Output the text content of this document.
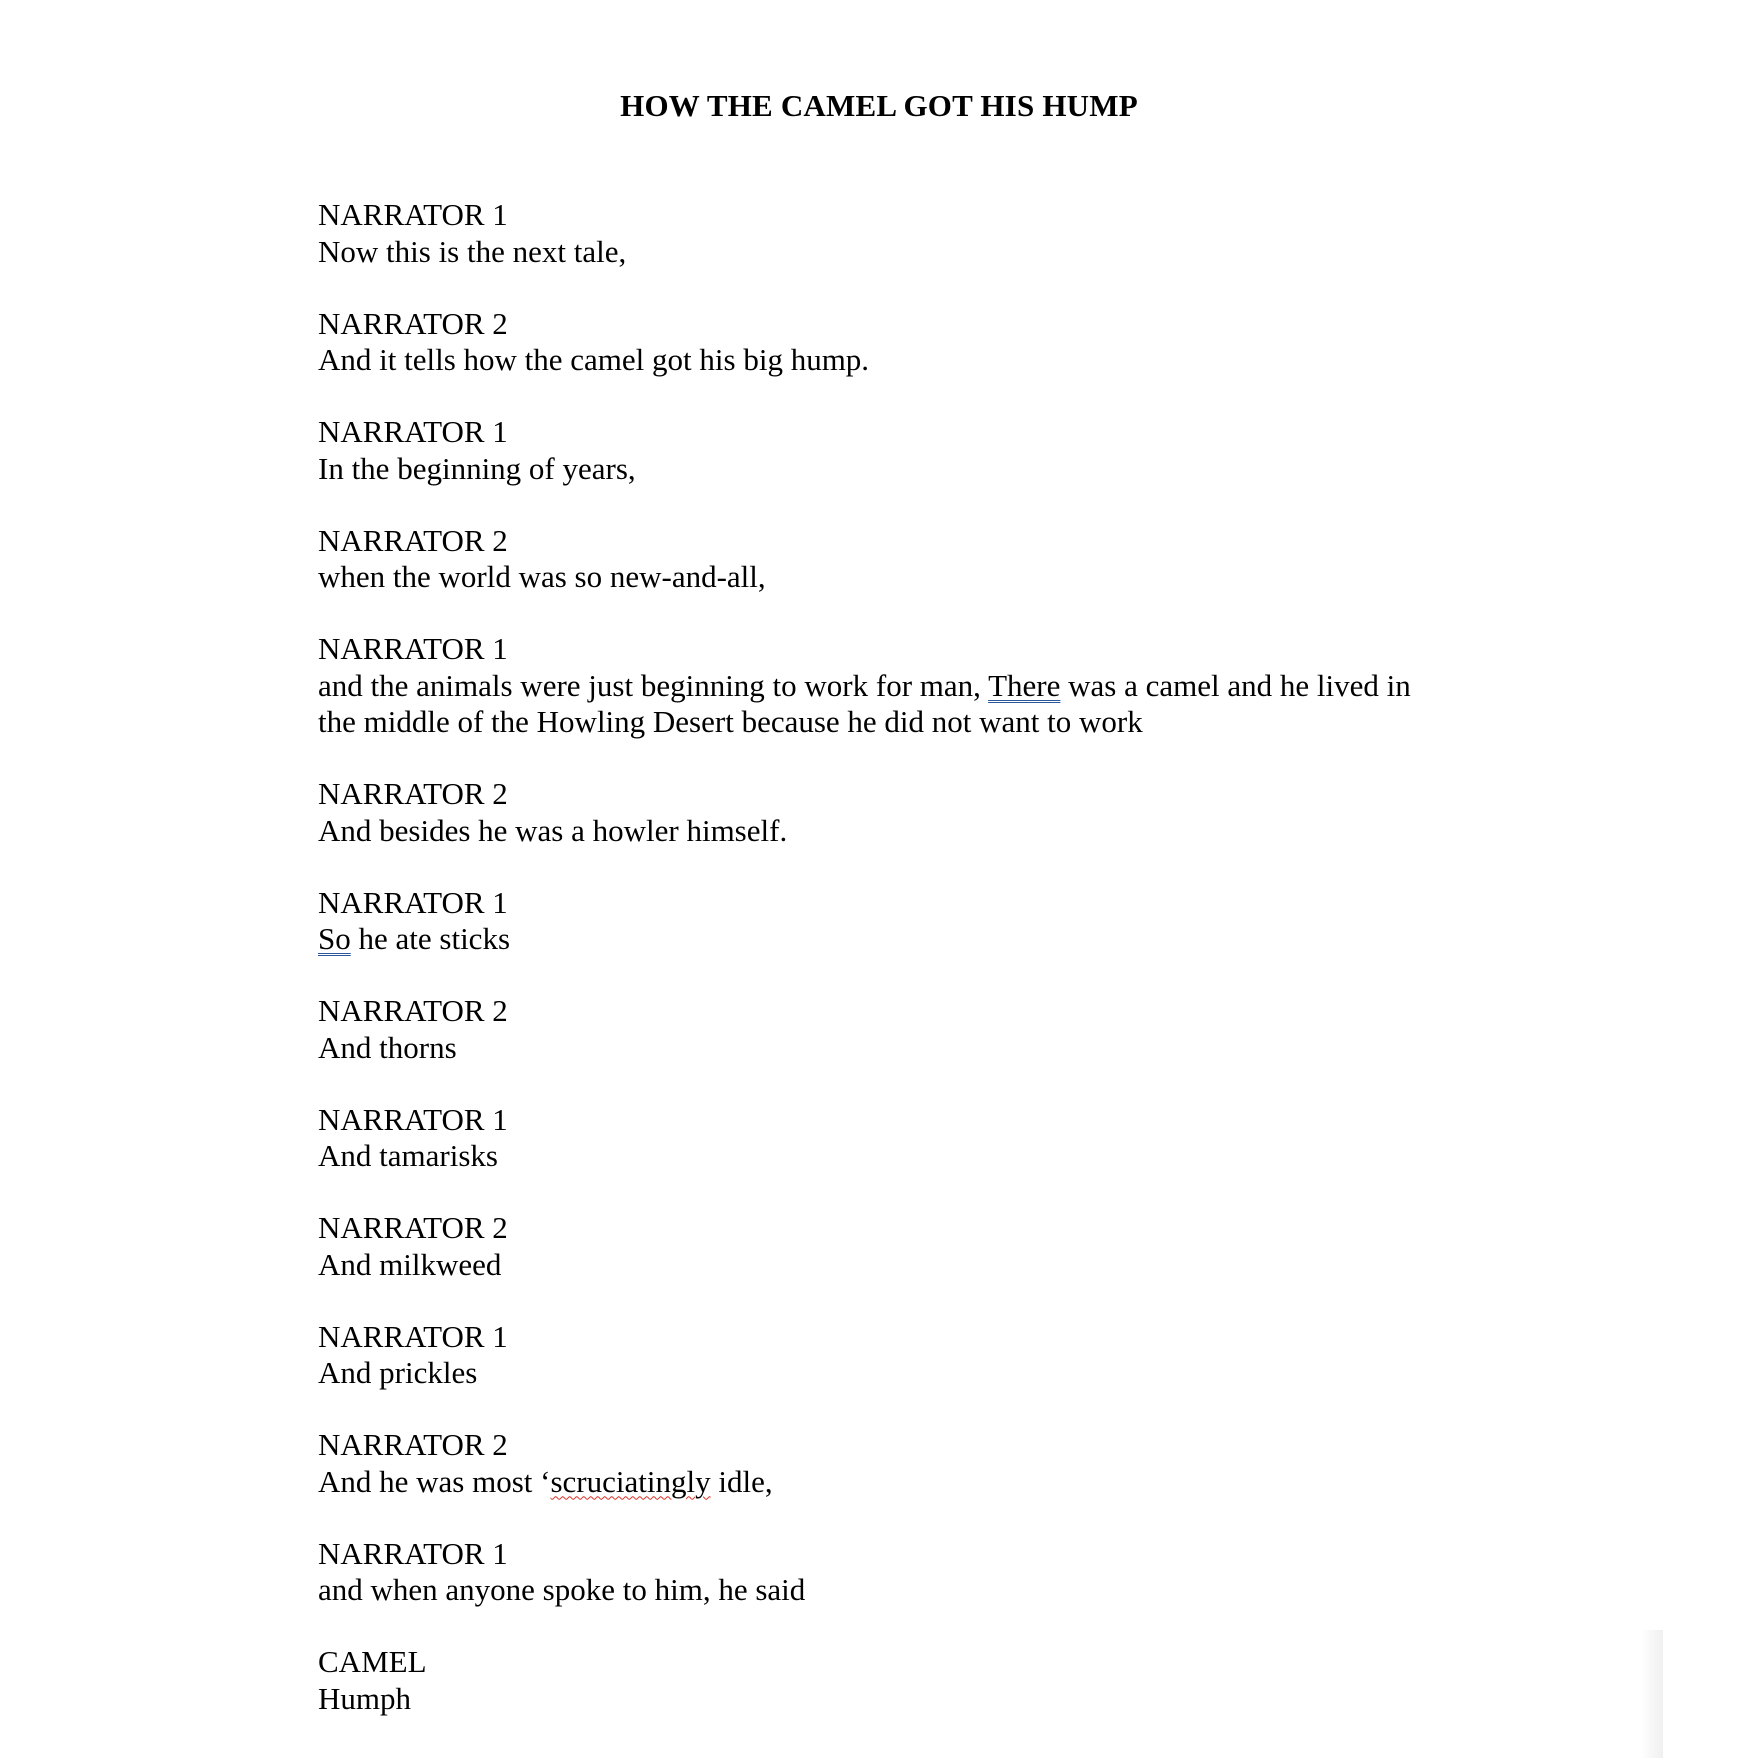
HOW THE CAMEL GOT HIS HUMP
NARRATOR 1
Now this is the next tale,
NARRATOR 2
And it tells how the camel got his big hump.
NARRATOR 1
In the beginning of years,
NARRATOR 2
when the world was so new-and-all,
NARRATOR 1
and the animals were just beginning to work for man, There was a camel and he lived in
the middle of the Howling Desert because he did not want to work
NARRATOR 2
And besides he was a howler himself.
NARRATOR 1
So he ate sticks
NARRATOR 2
And thorns
NARRATOR 1
And tamarisks
NARRATOR 2
And milkweed
NARRATOR 1
And prickles
NARRATOR 2
And he was most ‘scruciatingly idle,
NARRATOR 1
and when anyone spoke to him, he said
CAMEL
Humph
